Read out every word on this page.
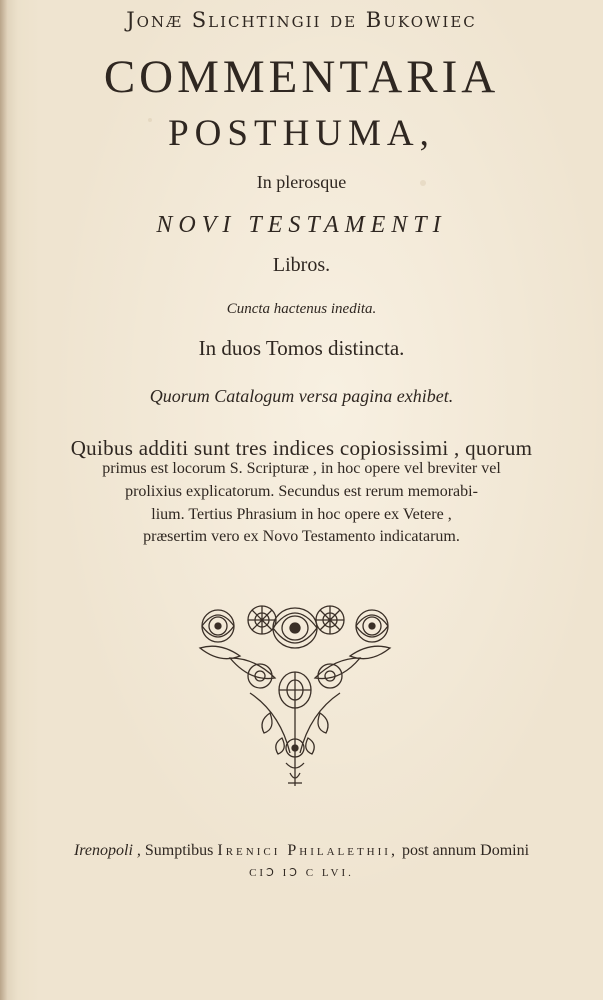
Jonæ Slichtingii de Bukowiec
COMMENTARIA
POSTHUMA,
In plerosque
NOVI TESTAMENTI
Libros.
Cuncta hactenus inedita.
In duos Tomos distincta.
Quorum Catalogum versa pagina exhibet.
Quibus additi sunt tres indices copiosissimi , quorum
primus est locorum S. Scripturæ , in hoc opere vel breviter vel
prolixius explicatorum. Secundus est rerum memorabi-
lium. Tertius Phrasium in hoc opere ex Vetere ,
præsertim vero ex Novo Testamento indicatarum.
Irenopoli , Sumptibus Irenici Philalethii, post annum Domini
CIↃ IↃ C LVI.
